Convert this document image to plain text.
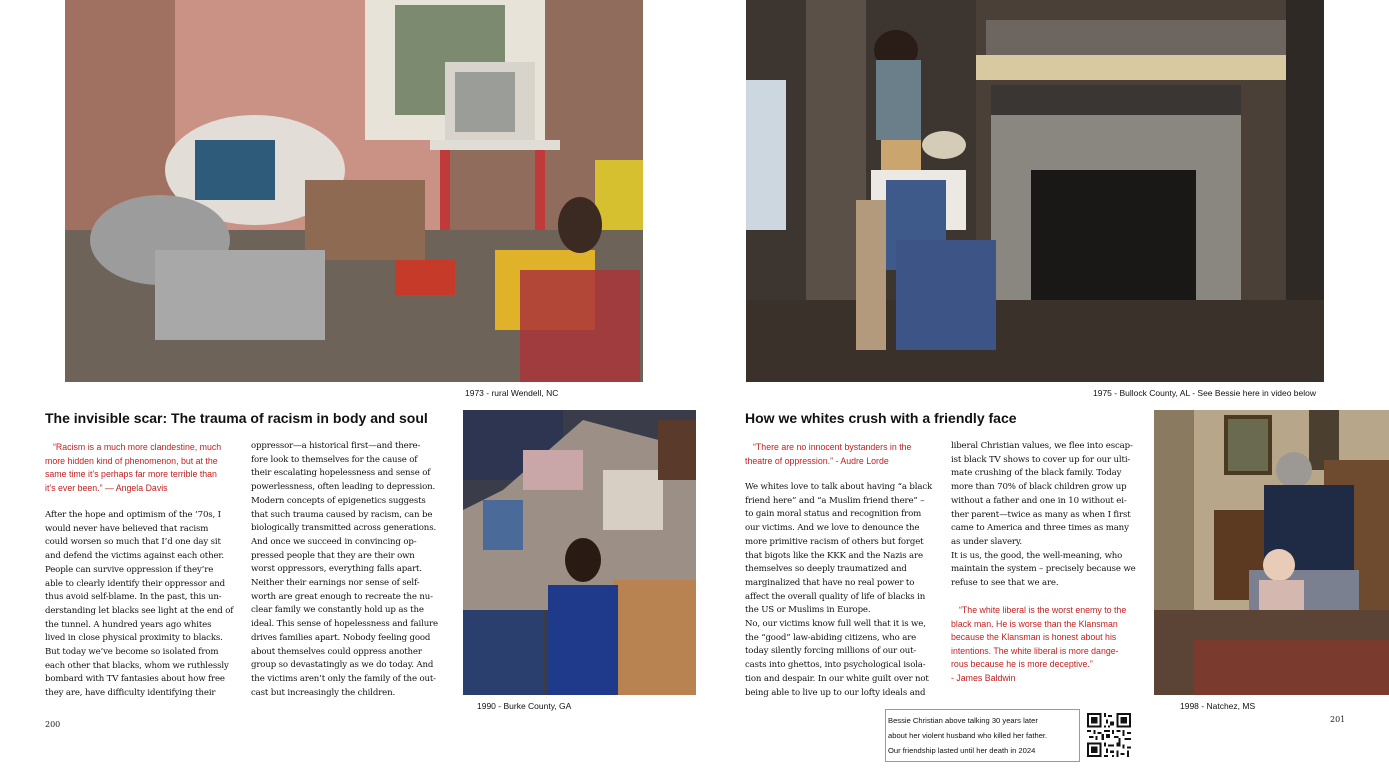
1973 - rural Wendell, NC
The invisible scar: The trauma of racism in body and soul
“Racism is a much more clandestine, much
more hidden kind of phenomenon, but at the
same time it’s perhaps far more terrible than
it’s ever been.” — Angela Davis

After the hope and optimism of the ’70s, I

would never have believed that racism

could worsen so much that I’d one day sit

and defend the victims against each other.

People can survive oppression if they’re

able to clearly identify their oppressor and

thus avoid self-blame. In the past, this un-

derstanding let blacks see light at the end of

the tunnel. A hundred years ago whites

lived in close physical proximity to blacks.

But today we’ve become so isolated from

each other that blacks, whom we ruthlessly

bombard with TV fantasies about how free

they are, have difficulty identifying their

oppressor—a historical first—and there-

fore look to themselves for the cause of

their escalating hopelessness and sense of

powerlessness, often leading to depression.

Modern concepts of epigenetics suggests

that such trauma caused by racism, can be

biologically transmitted across generations.

And once we succeed in convincing op-

pressed people that they are their own

worst oppressors, everything falls apart.

Neither their earnings nor sense of self-

worth are great enough to recreate the nu-

clear family we constantly hold up as the

ideal. This sense of hopelessness and failure

drives families apart. Nobody feeling good

about themselves could oppress another

group so devastatingly as we do today. And

the victims aren’t only the family of the out-

cast but increasingly the children.

1990 - Burke County, GA
200
1975 - Bullock County, AL - See Bessie here in video below
How we whites crush with a friendly face
“There are no innocent bystanders in the
theatre of oppression.” - Audre Lorde

We whites love to talk about having “a black

friend here” and “a Muslim friend there” –

to gain moral status and recognition from

our victims. And we love to denounce the

more primitive racism of others but forget

that bigots like the KKK and the Nazis are

themselves so deeply traumatized and

marginalized that have no real power to

affect the overall quality of life of blacks in

the US or Muslims in Europe.

No, our victims know full well that it is we,

the “good” law-abiding citizens, who are

today silently forcing millions of our out-

casts into ghettos, into psychological isola-

tion and despair. In our white guilt over not

being able to live up to our lofty ideals and

liberal Christian values, we flee into escap-

ist black TV shows to cover up for our ulti-

mate crushing of the black family. Today

more than 70% of black children grow up

without a father and one in 10 without ei-

ther parent—twice as many as when I first

came to America and three times as many

as under slavery.

It is us, the good, the well-meaning, who

maintain the system – precisely because we

refuse to see that we are.

“The white liberal is the worst enemy to the
black man. He is worse than the Klansman
because the Klansman is honest about his
intentions. The white liberal is more dange-
rous because he is more deceptive.”
- James Baldwin
1998 - Natchez, MS
Bessie Christian above talking 30 years later
about her violent husband who killed her father.
Our friendship lasted until her death in 2024
201
